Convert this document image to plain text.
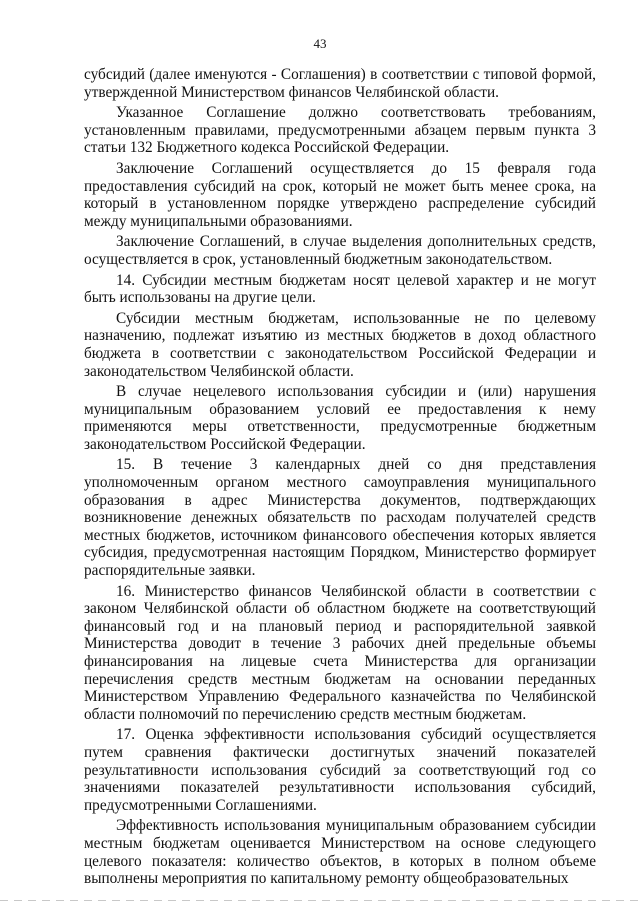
43

субсидий (далее именуются - Соглашения) в соответствии с типовой формой, утвержденной Министерством финансов Челябинской области.

Указанное Соглашение должно соответствовать требованиям, установленным правилами, предусмотренными абзацем первым пункта 3 статьи 132 Бюджетного кодекса Российской Федерации.

Заключение Соглашений осуществляется до 15 февраля года предоставления субсидий на срок, который не может быть менее срока, на который в установленном порядке утверждено распределение субсидий между муниципальными образованиями.

Заключение Соглашений, в случае выделения дополнительных средств, осуществляется в срок, установленный бюджетным законодательством.

14. Субсидии местным бюджетам носят целевой характер и не могут быть использованы на другие цели.

Субсидии местным бюджетам, использованные не по целевому назначению, подлежат изъятию из местных бюджетов в доход областного бюджета в соответствии с законодательством Российской Федерации и законодательством Челябинской области.

В случае нецелевого использования субсидии и (или) нарушения муниципальным образованием условий ее предоставления к нему применяются меры ответственности, предусмотренные бюджетным законодательством Российской Федерации.

15. В течение 3 календарных дней со дня представления уполномоченным органом местного самоуправления муниципального образования в адрес Министерства документов, подтверждающих возникновение денежных обязательств по расходам получателей средств местных бюджетов, источником финансового обеспечения которых является субсидия, предусмотренная настоящим Порядком, Министерство формирует распорядительные заявки.

16. Министерство финансов Челябинской области в соответствии с законом Челябинской области об областном бюджете на соответствующий финансовый год и на плановый период и распорядительной заявкой Министерства доводит в течение 3 рабочих дней предельные объемы финансирования на лицевые счета Министерства для организации перечисления средств местным бюджетам на основании переданных Министерством Управлению Федерального казначейства по Челябинской области полномочий по перечислению средств местным бюджетам.

17. Оценка эффективности использования субсидий осуществляется путем сравнения фактически достигнутых значений показателей результативности использования субсидий за соответствующий год со значениями показателей результативности использования субсидий, предусмотренными Соглашениями.

Эффективность использования муниципальным образованием субсидии местным бюджетам оценивается Министерством на основе следующего целевого показателя: количество объектов, в которых в полном объеме выполнены мероприятия по капитальному ремонту общеобразовательных
